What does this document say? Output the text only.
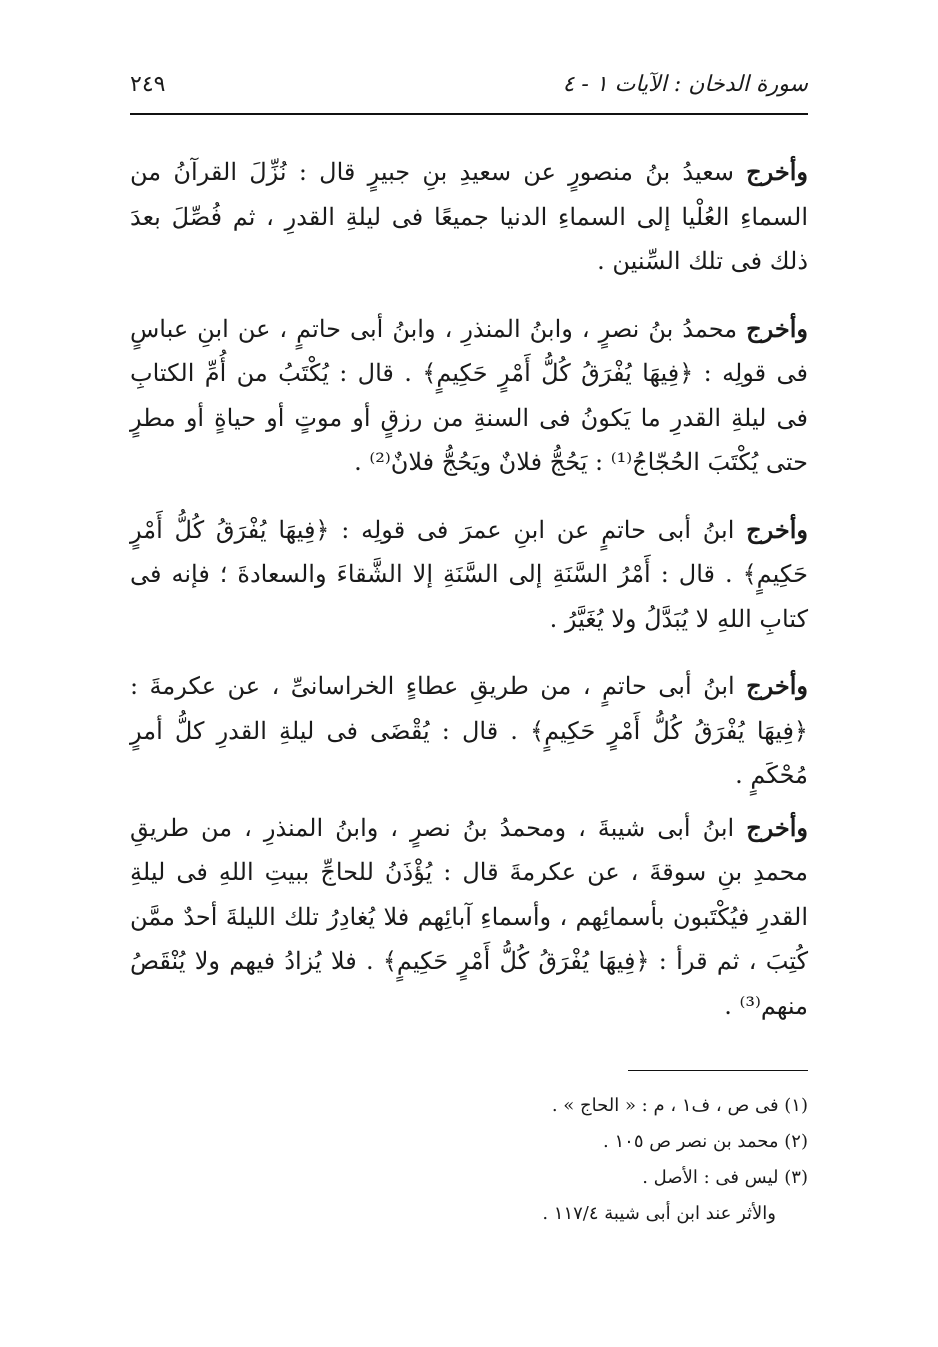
سورة الدخان : الآيات ١ - ٤
٢٤٩

وأخرج سعيدُ بنُ منصورٍ عن سعيدِ بنِ جبيرٍ قال : نُزِّلَ القرآنُ من السماءِ العُلْيا إلى السماءِ الدنيا جميعًا فى ليلةِ القدرِ ، ثم فُصِّلَ بعدَ ذلك فى تلك السِّنين .

وأخرج محمدُ بنُ نصرٍ ، وابنُ المنذرِ ، وابنُ أبى حاتمٍ ، عن ابنِ عباسٍ فى قولِه : ﴿فِيهَا يُفْرَقُ كُلُّ أَمْرٍ حَكِيمٍ﴾ . قال : يُكْتَبُ من أُمِّ الكتابِ فى ليلةِ القدرِ ما يَكونُ فى السنةِ من رزقٍ أو موتٍ أو حياةٍ أو مطرٍ حتى يُكْتَبَ الحُجّاجُ⁽¹⁾ : يَحُجُّ فلانٌ ويَحُجُّ فلانٌ⁽²⁾ .

وأخرج ابنُ أبى حاتمٍ عن ابنِ عمرَ فى قولِه : ﴿فِيهَا يُفْرَقُ كُلُّ أَمْرٍ حَكِيمٍ﴾ . قال : أَمْرُ السَّنَةِ إلى السَّنَةِ إلا الشَّقاءَ والسعادةَ ؛ فإنه فى كتابِ اللهِ لا يُبَدَّلُ ولا يُغَيَّرُ .

وأخرج ابنُ أبى حاتمٍ ، من طريقِ عطاءٍ الخراسانىِّ ، عن عكرمةَ : ﴿فِيهَا يُفْرَقُ كُلُّ أَمْرٍ حَكِيمٍ﴾ . قال : يُقْضَى فى ليلةِ القدرِ كلُّ أمرٍ مُحْكَمٍ .

وأخرج ابنُ أبى شيبةَ ، ومحمدُ بنُ نصرٍ ، وابنُ المنذرِ ، من طريقِ محمدِ بنِ سوقةَ ، عن عكرمةَ قال : يُؤْذَنُ للحاجِّ ببيتِ اللهِ فى ليلةِ القدرِ فيُكْتَبون بأسمائِهم ، وأسماءِ آبائِهم فلا يُغادِرُ تلك الليلةَ أحدٌ ممَّن كُتِبَ ، ثم قرأ : ﴿فِيهَا يُفْرَقُ كُلُّ أَمْرٍ حَكِيمٍ﴾ . فلا يُزادُ فيهم ولا يُنْقَصُ منهم⁽³⁾ .

(١) فى ص ، ف١ ، م : « الحاج » .

(٢) محمد بن نصر ص ١٠٥ .

(٣) ليس فى : الأصل .

والأثر عند ابن أبى شيبة ١١٧/٤ .
